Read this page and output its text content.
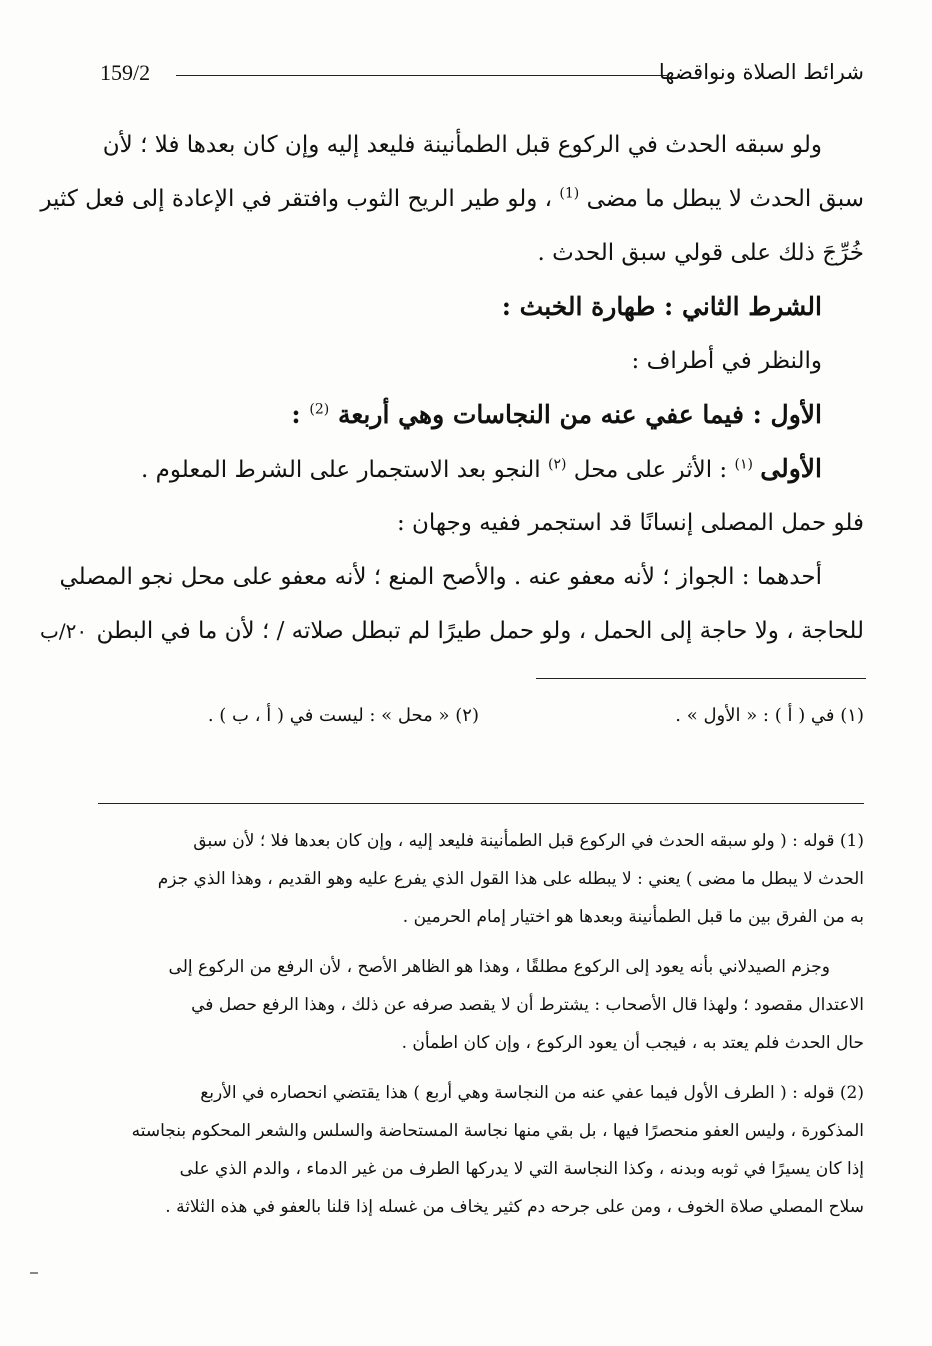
شرائط الصلاة ونواقضها
159/2
ولو سبقه الحدث في الركوع قبل الطمأنينة فليعد إليه وإن كان بعدها فلا ؛ لأن
سبق الحدث لا يبطل ما مضى $^{(1)}$ ، ولو طير الريح الثوب وافتقر في الإعادة إلى فعل كثير
خُرِّجَ ذلك على قولي سبق الحدث .
الشرط الثاني : طهارة الخبث :
والنظر في أطراف :
الأول : فيما عفي عنه من النجاسات وهي أربعة $^{(2)}$ :
الأولى $^{(١)}$ : الأثر على محل $^{(٢)}$ النجو بعد الاستجمار على الشرط المعلوم .
فلو حمل المصلى إنسانًا قد استجمر ففيه وجهان :
أحدهما : الجواز ؛ لأنه معفو عنه . والأصح المنع ؛ لأنه معفو على محل نجو المصلي
للحاجة ، ولا حاجة إلى الحمل ، ولو حمل طيرًا لم تبطل صلاته / ؛ لأن ما في البطن
٢٠/ب
(١) في ( أ ) : « الأول » .
(٢) « محل » : ليست في ( أ ، ب ) .
(1) قوله : ( ولو سبقه الحدث في الركوع قبل الطمأنينة فليعد إليه ، وإن كان بعدها فلا ؛ لأن سبق
الحدث لا يبطل ما مضى ) يعني : لا يبطله على هذا القول الذي يفرع عليه وهو القديم ، وهذا الذي جزم
به من الفرق بين ما قبل الطمأنينة وبعدها هو اختيار إمام الحرمين .
وجزم الصيدلاني بأنه يعود إلى الركوع مطلقًا ، وهذا هو الظاهر الأصح ، لأن الرفع من الركوع إلى
الاعتدال مقصود ؛ ولهذا قال الأصحاب : يشترط أن لا يقصد صرفه عن ذلك ، وهذا الرفع حصل في
حال الحدث فلم يعتد به ، فيجب أن يعود الركوع ، وإن كان اطمأن .
(2) قوله : ( الطرف الأول فيما عفي عنه من النجاسة وهي أربع ) هذا يقتضي انحصاره في الأربع
المذكورة ، وليس العفو منحصرًا فيها ، بل بقي منها نجاسة المستحاضة والسلس والشعر المحكوم بنجاسته
إذا كان يسيرًا في ثوبه وبدنه ، وكذا النجاسة التي لا يدركها الطرف من غير الدماء ، والدم الذي على
سلاح المصلي صلاة الخوف ، ومن على جرحه دم كثير يخاف من غسله إذا قلنا بالعفو في هذه الثلاثة .
